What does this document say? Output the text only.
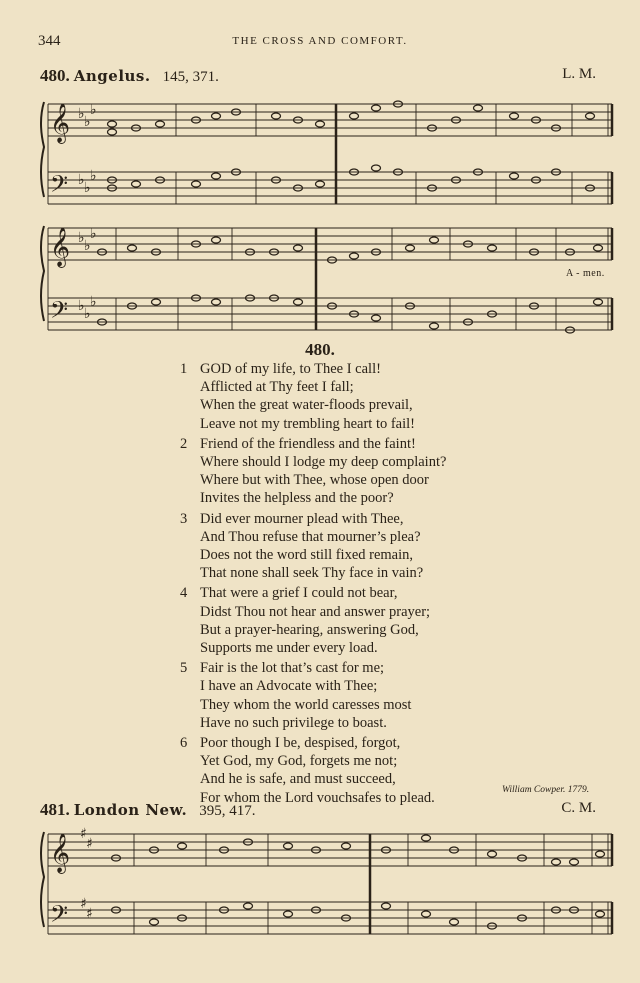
344	THE CROSS AND COMFORT.
480. Angelus. 145, 371.	L. M.
𝄞
𝄢
♭ ♭
♭
♭ ♭
♭
𝄞
𝄢
♭ ♭
♭
♭ ♭
♭
A - men.
480.
1 GOD of my life, to Thee I call!
Afflicted at Thy feet I fall;
When the great water-floods prevail,
Leave not my trembling heart to fail!
2 Friend of the friendless and the faint!
Where should I lodge my deep complaint?
Where but with Thee, whose open door
Invites the helpless and the poor?
3 Did ever mourner plead with Thee,
And Thou refuse that mourner’s plea?
Does not the word still fixed remain,
That none shall seek Thy face in vain?
4 That were a grief I could not bear,
Didst Thou not hear and answer prayer;
But a prayer-hearing, answering God,
Supports me under every load.
5 Fair is the lot that’s cast for me;
I have an Advocate with Thee;
They whom the world caresses most
Have no such privilege to boast.
6 Poor though I be, despised, forgot,
Yet God, my God, forgets me not;
And he is safe, and must succeed,
For whom the Lord vouchsafes to plead.	William Cowper. 1779.
481. London New. 395, 417.	C. M.
𝄞
𝄢
♯
♯
♯
♯
